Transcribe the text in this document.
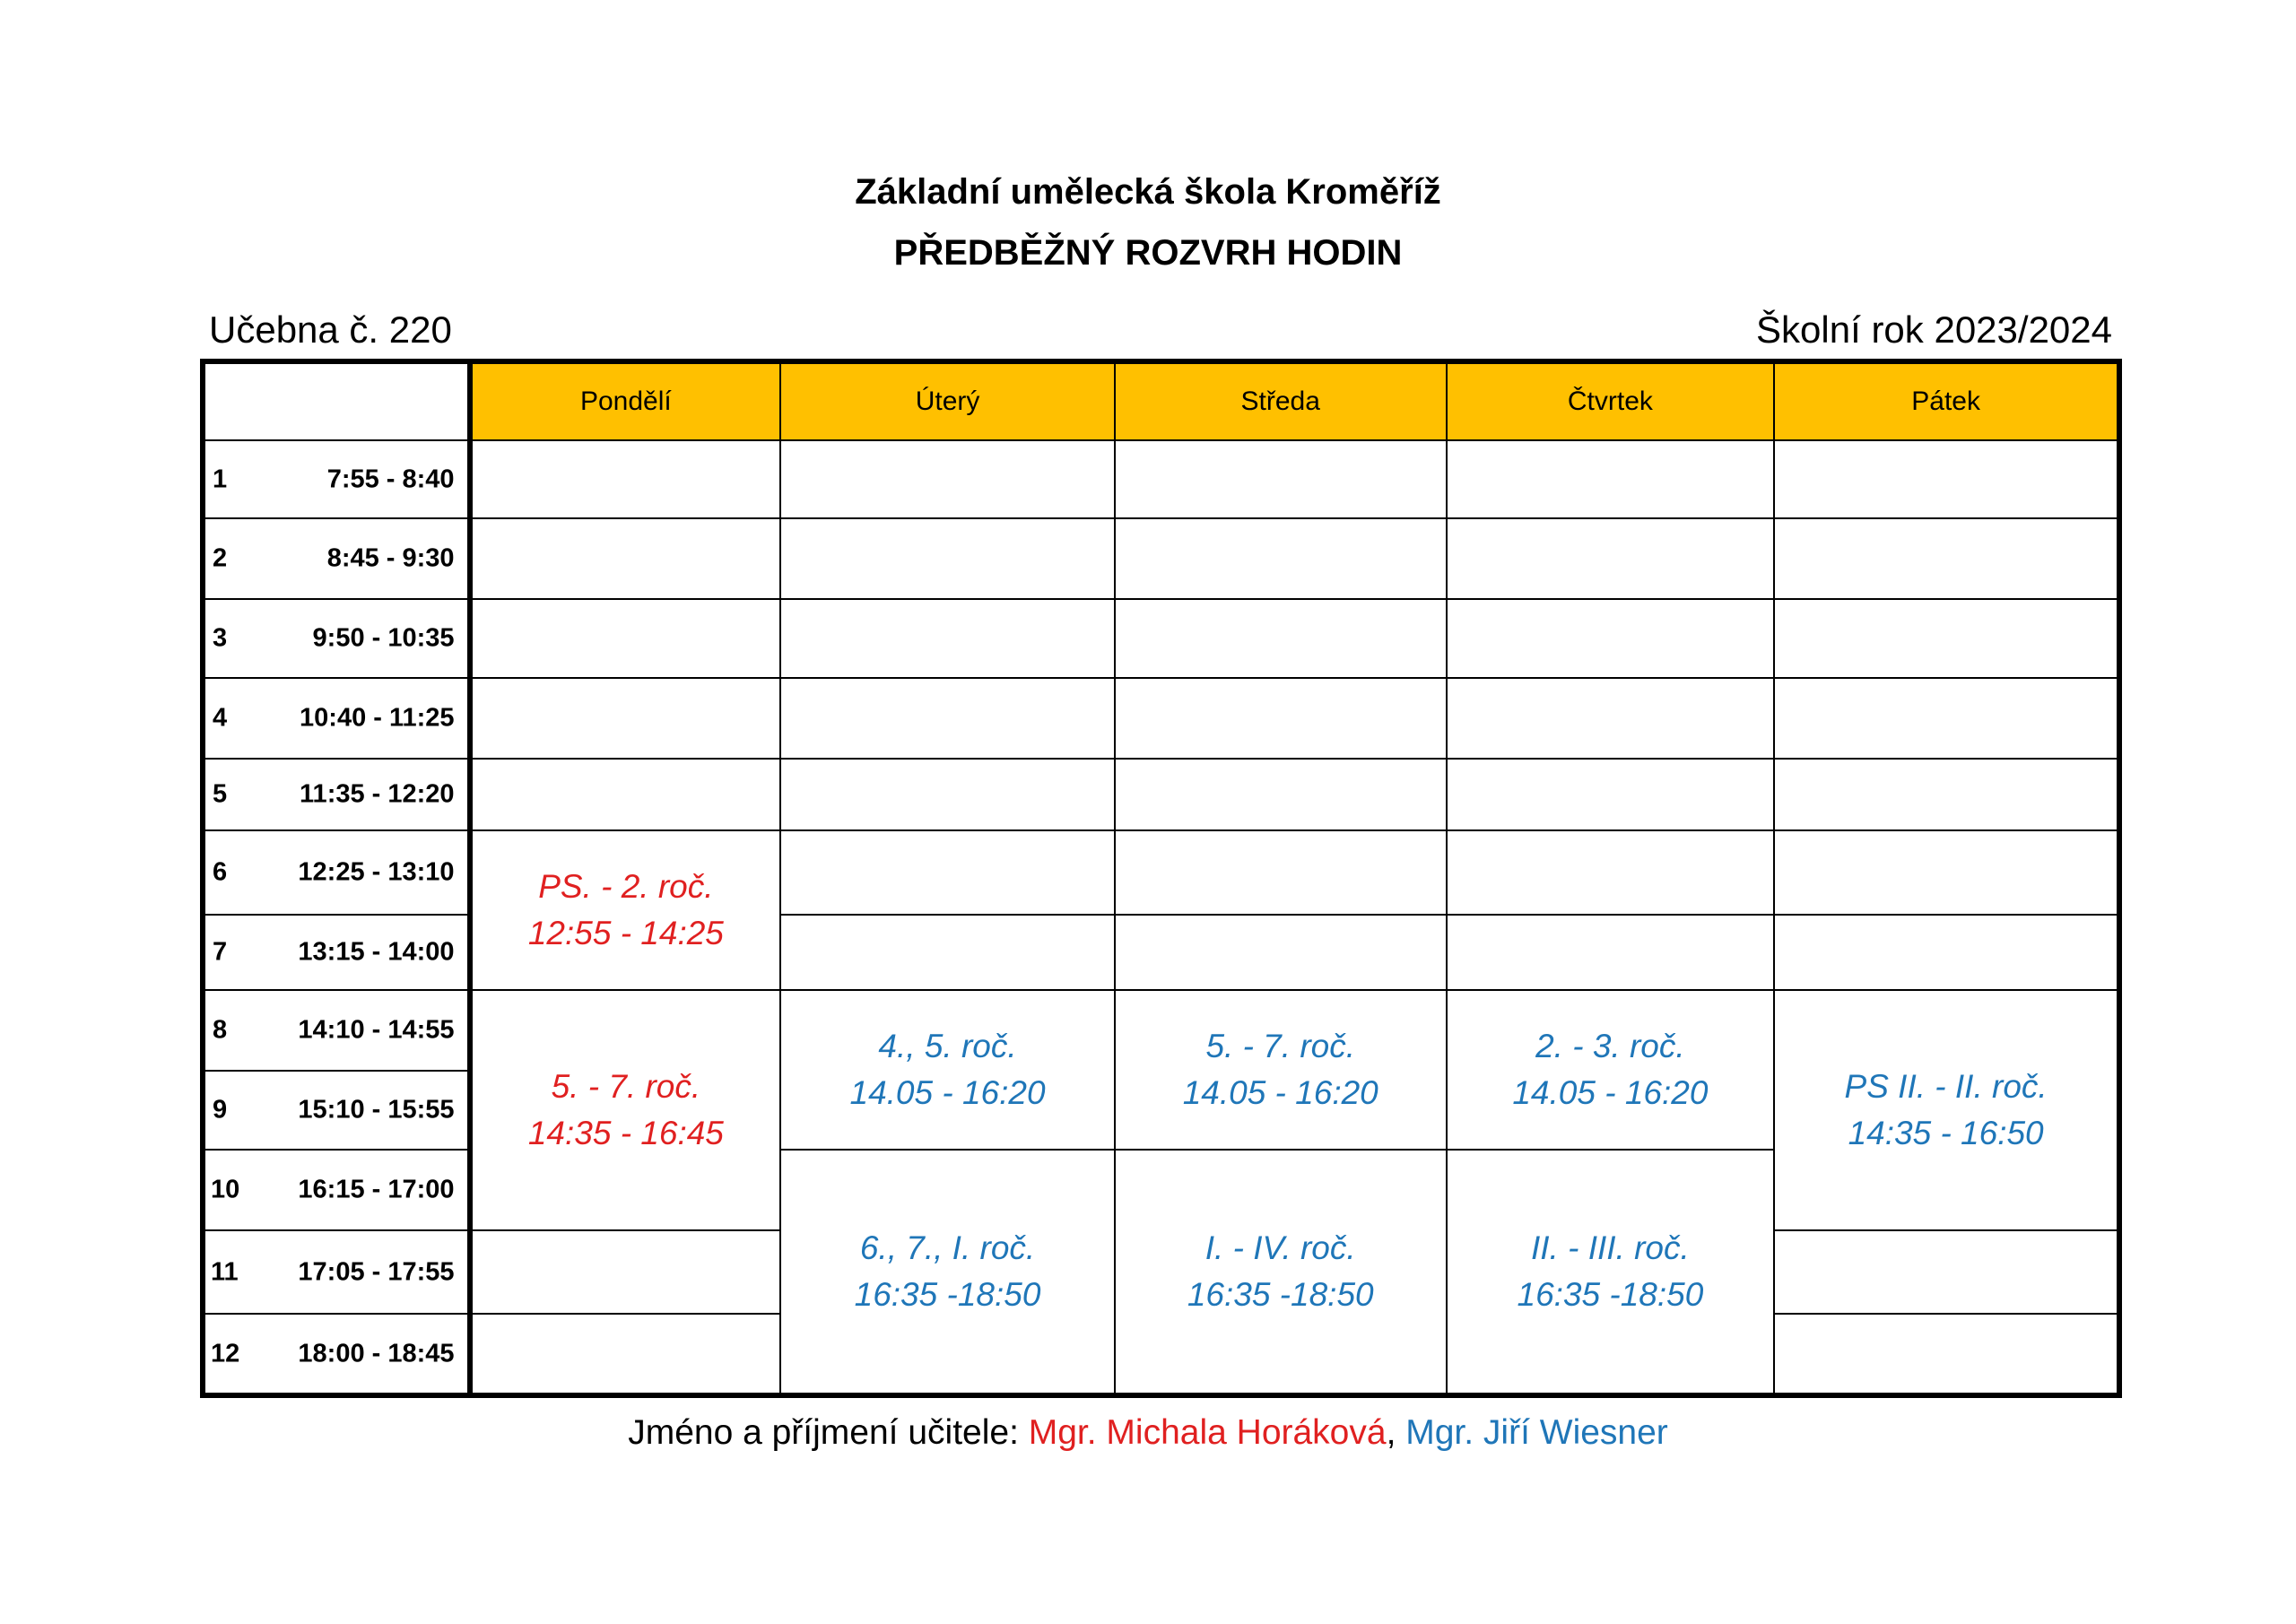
Základní umělecká škola Kroměříž
PŘEDBĚŽNÝ ROZVRH HODIN
Učebna č. 220	Školní rok 2023/2024
	Pondělí	Úterý	Středa	Čtvrtek	Pátek

1 7:55 - 8:40					

2 8:45 - 9:30					

3 9:50 - 10:35					

4 10:40 - 11:25					

5 11:35 - 12:20					

6 12:25 - 13:10	PS. - 2. roč.
12:55 - 14:25				

7 13:15 - 14:00					

8 14:10 - 14:55	5. - 7. roč.
14:35 - 16:45	4., 5. roč.
14.05 - 16:20	5. - 7. roč.
14.05 - 16:20	2. - 3. roč.
14.05 - 16:20	PS II. - II. roč.
14:35 - 16:50

9 15:10 - 15:55					

10 16:15 - 17:00		6., 7., I. roč.
16:35 -18:50	I. - IV. roč.
16:35 -18:50	II. - III. roč.
16:35 -18:50	

11 17:05 - 17:55					

12 18:00 - 18:45					

Jméno a příjmení učitele: Mgr. Michala Horáková, Mgr. Jiří Wiesner
